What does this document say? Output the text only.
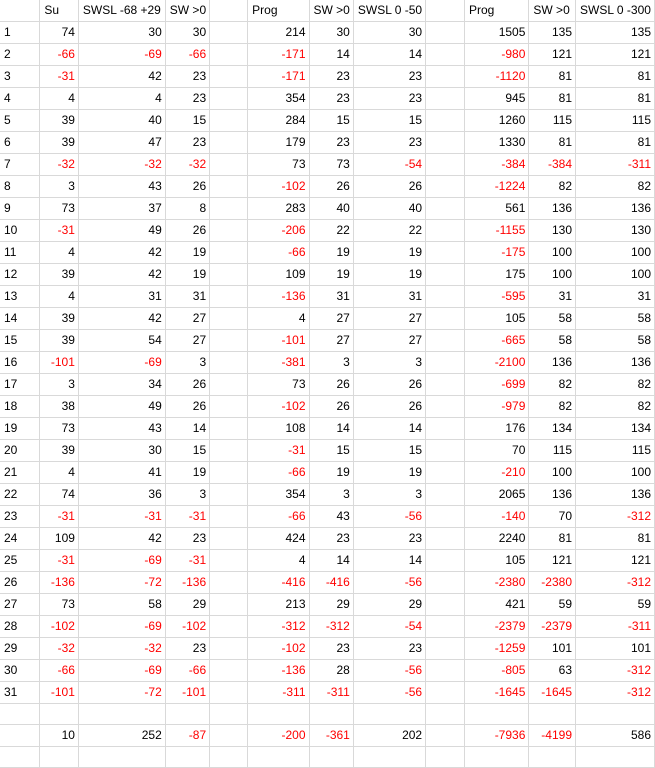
	Su	SWSL -68 +29	SW >0		Prog	SW >0	SWSL 0 -50		Prog	SW >0	SWSL 0 -300
1	74	30	30		214	30	30		1505	135	135
2	-66	-69	-66		-171	14	14		-980	121	121
3	-31	42	23		-171	23	23		-1120	81	81
4	4	4	23		354	23	23		945	81	81
5	39	40	15		284	15	15		1260	115	115
6	39	47	23		179	23	23		1330	81	81
7	-32	-32	-32		73	73	-54		-384	-384	-311
8	3	43	26		-102	26	26		-1224	82	82
9	73	37	8		283	40	40		561	136	136
10	-31	49	26		-206	22	22		-1155	130	130
11	4	42	19		-66	19	19		-175	100	100
12	39	42	19		109	19	19		175	100	100
13	4	31	31		-136	31	31		-595	31	31
14	39	42	27		4	27	27		105	58	58
15	39	54	27		-101	27	27		-665	58	58
16	-101	-69	3		-381	3	3		-2100	136	136
17	3	34	26		73	26	26		-699	82	82
18	38	49	26		-102	26	26		-979	82	82
19	73	43	14		108	14	14		176	134	134
20	39	30	15		-31	15	15		70	115	115
21	4	41	19		-66	19	19		-210	100	100
22	74	36	3		354	3	3		2065	136	136
23	-31	-31	-31		-66	43	-56		-140	70	-312
24	109	42	23		424	23	23		2240	81	81
25	-31	-69	-31		4	14	14		105	121	121
26	-136	-72	-136		-416	-416	-56		-2380	-2380	-312
27	73	58	29		213	29	29		421	59	59
28	-102	-69	-102		-312	-312	-54		-2379	-2379	-311
29	-32	-32	23		-102	23	23		-1259	101	101
30	-66	-69	-66		-136	28	-56		-805	63	-312
31	-101	-72	-101		-311	-311	-56		-1645	-1645	-312

	10	252	-87		-200	-361	202		-7936	-4199	586
